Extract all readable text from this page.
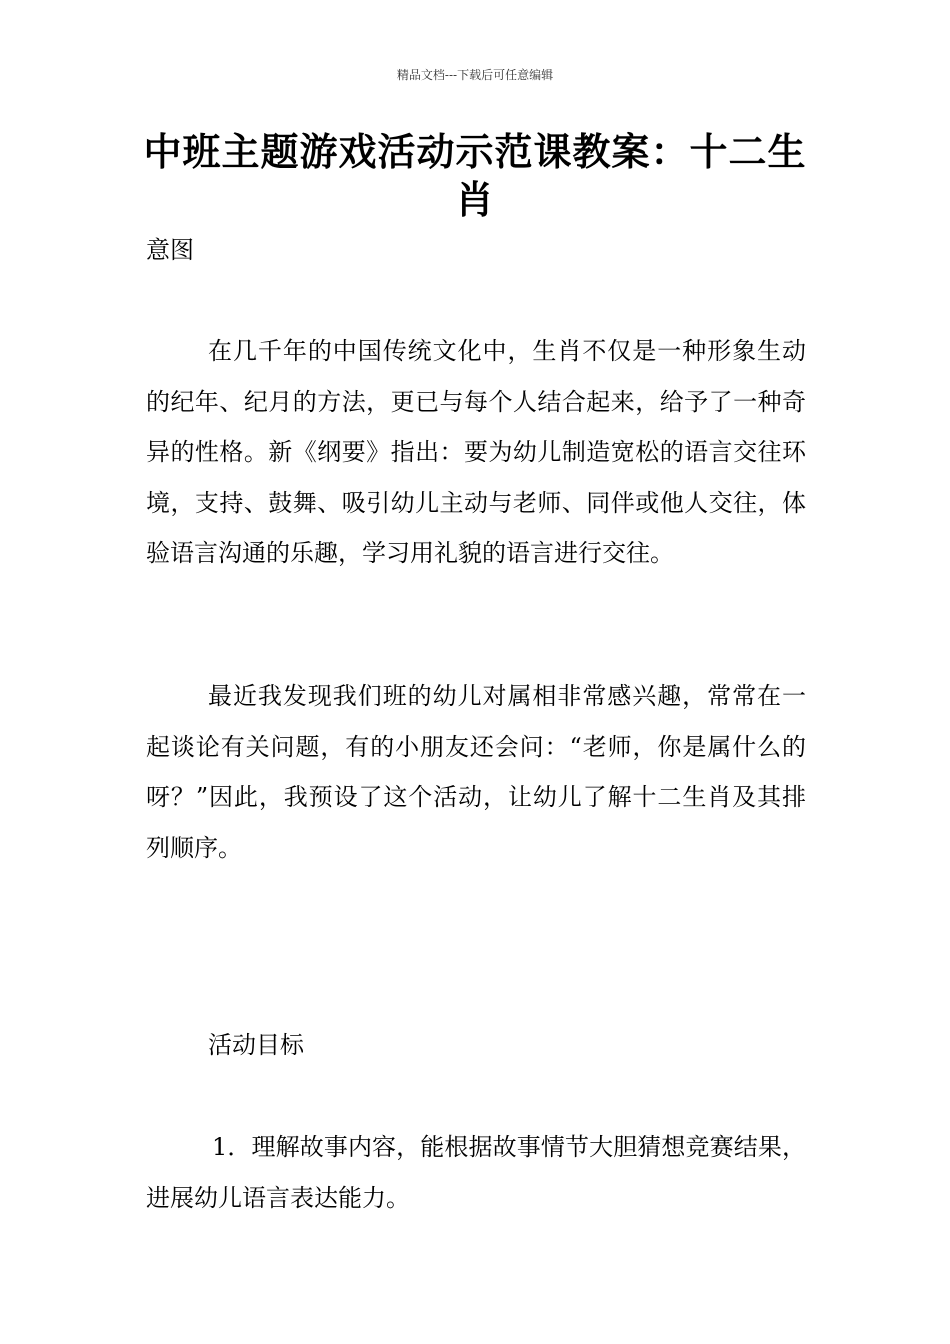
精品文档---下载后可任意编辑
中班主题游戏活动示范课教案：十二生肖
意图

在几千年的中国传统文化中，生肖不仅是一种形象生动的纪年、纪月的方法，更已与每个人结合起来，给予了一种奇异的性格。新《纲要》指出：要为幼儿制造宽松的语言交往环境，支持、鼓舞、吸引幼儿主动与老师、同伴或他人交往，体验语言沟通的乐趣，学习用礼貌的语言进行交往。

最近我发现我们班的幼儿对属相非常感兴趣，常常在一起谈论有关问题，有的小朋友还会问：“老师，你是属什么的呀？”因此，我预设了这个活动，让幼儿了解十二生肖及其排列顺序。

活动目标

1．理解故事内容，能根据故事情节大胆猜想竞赛结果，进展幼儿语言表达能力。
